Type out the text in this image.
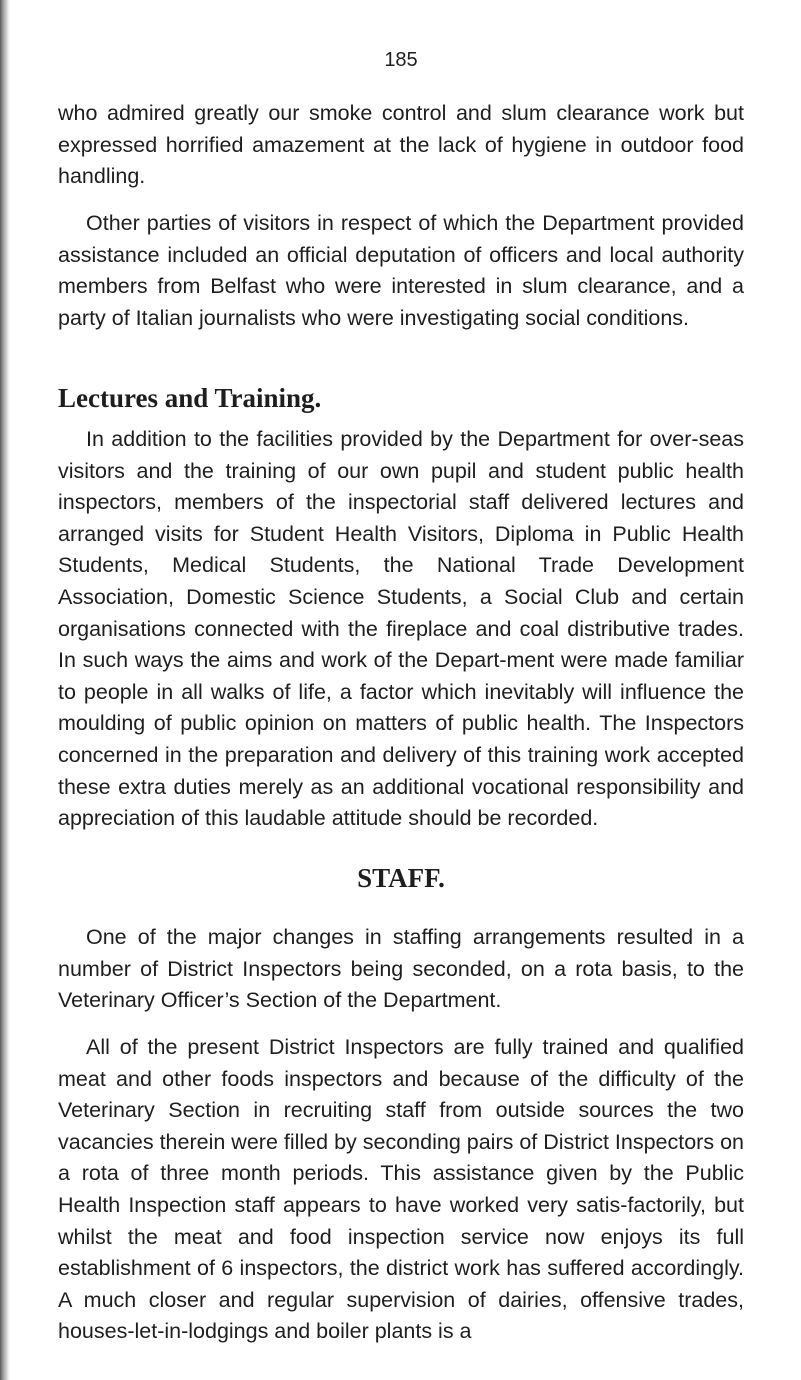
185

who admired greatly our smoke control and slum clearance work but expressed horrified amazement at the lack of hygiene in outdoor food handling.

Other parties of visitors in respect of which the Department provided assistance included an official deputation of officers and local authority members from Belfast who were interested in slum clearance, and a party of Italian journalists who were investigating social conditions.

Lectures and Training.

In addition to the facilities provided by the Department for over-seas visitors and the training of our own pupil and student public health inspectors, members of the inspectorial staff delivered lectures and arranged visits for Student Health Visitors, Diploma in Public Health Students, Medical Students, the National Trade Development Association, Domestic Science Students, a Social Club and certain organisations connected with the fireplace and coal distributive trades. In such ways the aims and work of the Depart-ment were made familiar to people in all walks of life, a factor which inevitably will influence the moulding of public opinion on matters of public health. The Inspectors concerned in the preparation and delivery of this training work accepted these extra duties merely as an additional vocational responsibility and appreciation of this laudable attitude should be recorded.

STAFF.

One of the major changes in staffing arrangements resulted in a number of District Inspectors being seconded, on a rota basis, to the Veterinary Officer’s Section of the Department.

All of the present District Inspectors are fully trained and qualified meat and other foods inspectors and because of the difficulty of the Veterinary Section in recruiting staff from outside sources the two vacancies therein were filled by seconding pairs of District Inspectors on a rota of three month periods. This assistance given by the Public Health Inspection staff appears to have worked very satis-factorily, but whilst the meat and food inspection service now enjoys its full establishment of 6 inspectors, the district work has suffered accordingly. A much closer and regular supervision of dairies, offensive trades, houses-let-in-lodgings and boiler plants is a
